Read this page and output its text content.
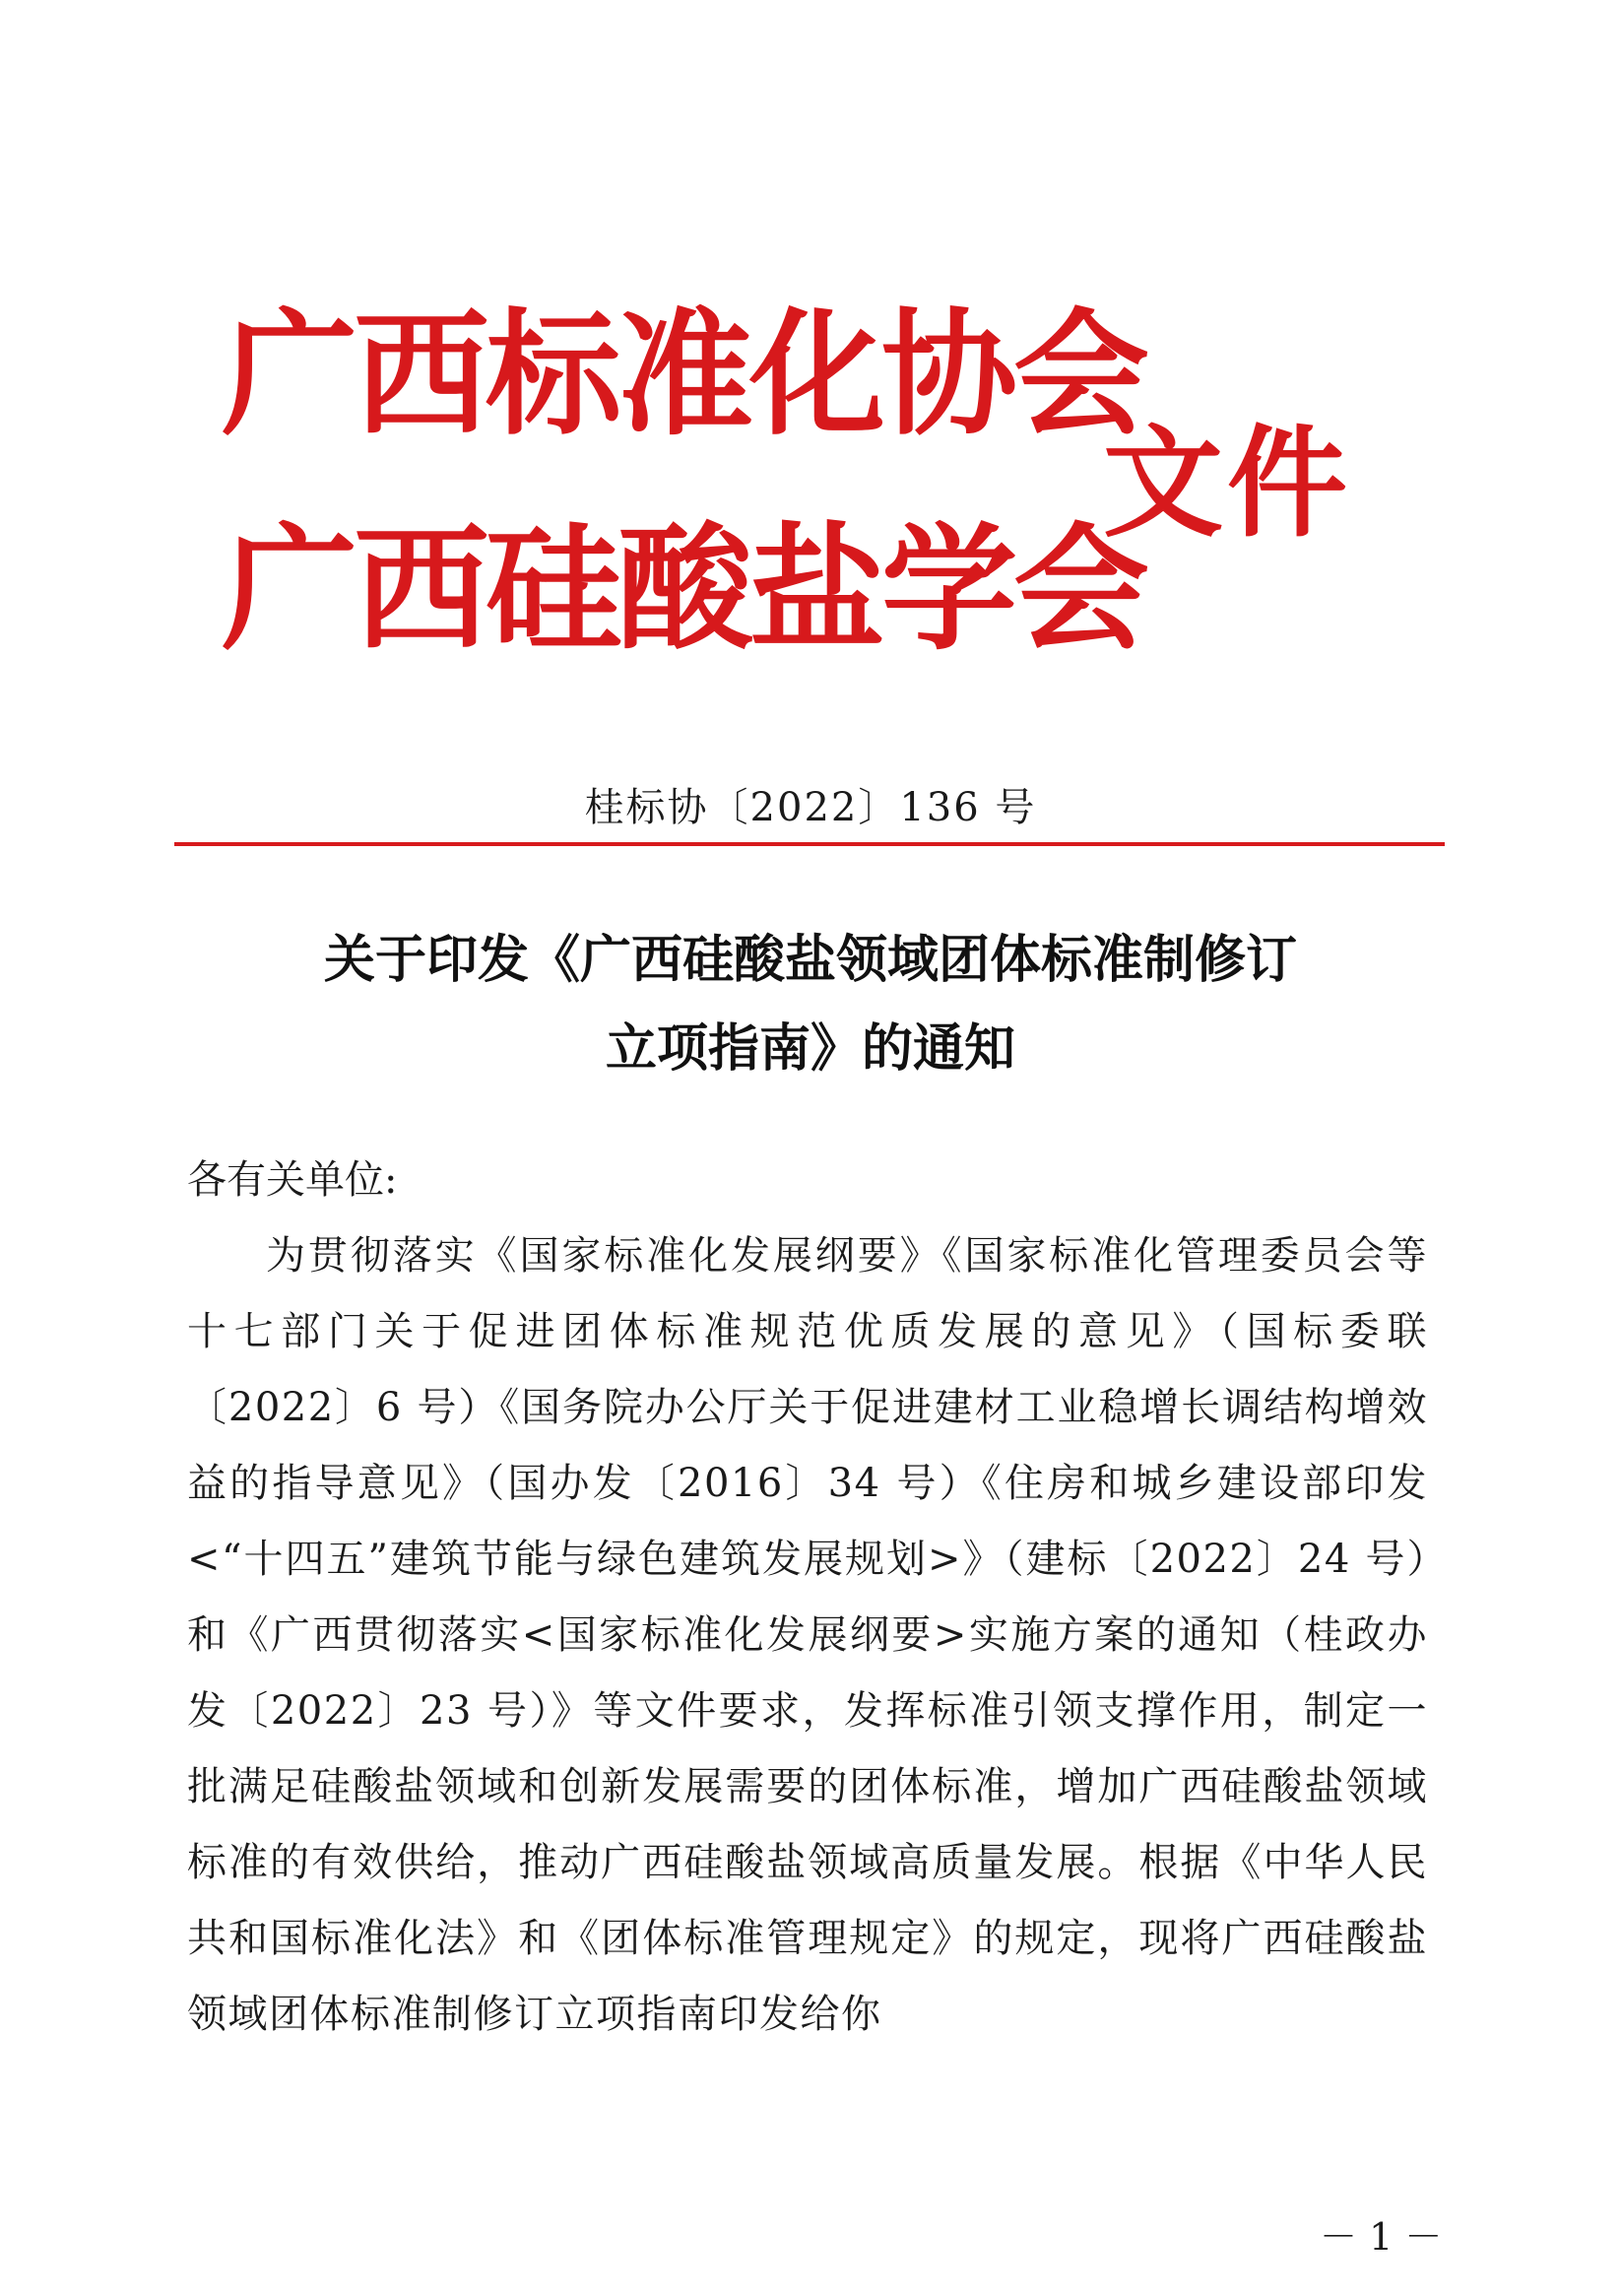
广西标准化协会
广西硅酸盐学会
文件
桂标协〔2022〕136 号
关于印发《广西硅酸盐领域团体标准制修订
立项指南》的通知

各有关单位:

为贯彻落实《国家标准化发展纲要》《国家标准化管理委员会等十七部门关于促进团体标准规范优质发展的意见》（国标委联〔2022〕6 号）《国务院办公厅关于促进建材工业稳增长调结构增效益的指导意见》（国办发〔2016〕34 号）《住房和城乡建设部印发<“十四五”建筑节能与绿色建筑发展规划>》（建标〔2022〕24 号）和《广西贯彻落实<国家标准化发展纲要>实施方案的通知（桂政办发〔2022〕23 号）》等文件要求，发挥标准引领支撑作用，制定一批满足硅酸盐领域和创新发展需要的团体标准，增加广西硅酸盐领域标准的有效供给，推动广西硅酸盐领域高质量发展。根据《中华人民共和国标准化法》和《团体标准管理规定》的规定，现将广西硅酸盐领域团体标准制修订立项指南印发给你

－ 1 －
